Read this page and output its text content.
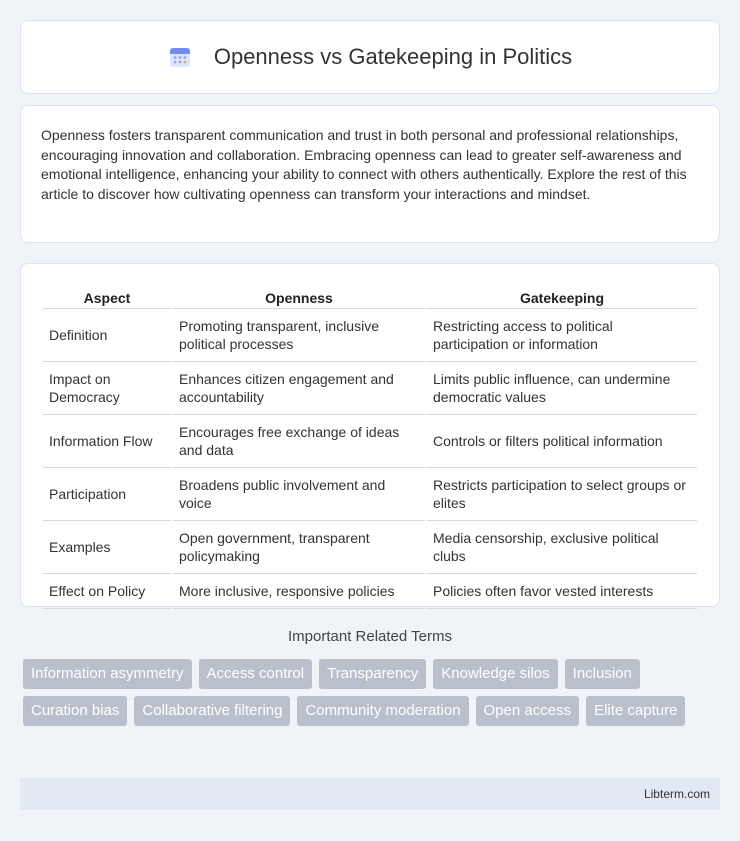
Openness vs Gatekeeping in Politics

Openness fosters transparent communication and trust in both personal and professional relationships, encouraging innovation and collaboration. Embracing openness can lead to greater self-awareness and emotional intelligence, enhancing your ability to connect with others authentically. Explore the rest of this article to discover how cultivating openness can transform your interactions and mindset.

Aspect	Openness	Gatekeeping
Definition	Promoting transparent, inclusive political processes	Restricting access to political participation or information
Impact on Democracy	Enhances citizen engagement and accountability	Limits public influence, can undermine democratic values
Information Flow	Encourages free exchange of ideas and data	Controls or filters political information
Participation	Broadens public involvement and voice	Restricts participation to select groups or elites
Examples	Open government, transparent policymaking	Media censorship, exclusive political clubs
Effect on Policy	More inclusive, responsive policies	Policies often favor vested interests
Important Related Terms
Information asymmetry	Access control	Transparency	Knowledge silos	Inclusion
Curation bias	Collaborative filtering	Community moderation	Open access	Elite capture
Libterm.com
